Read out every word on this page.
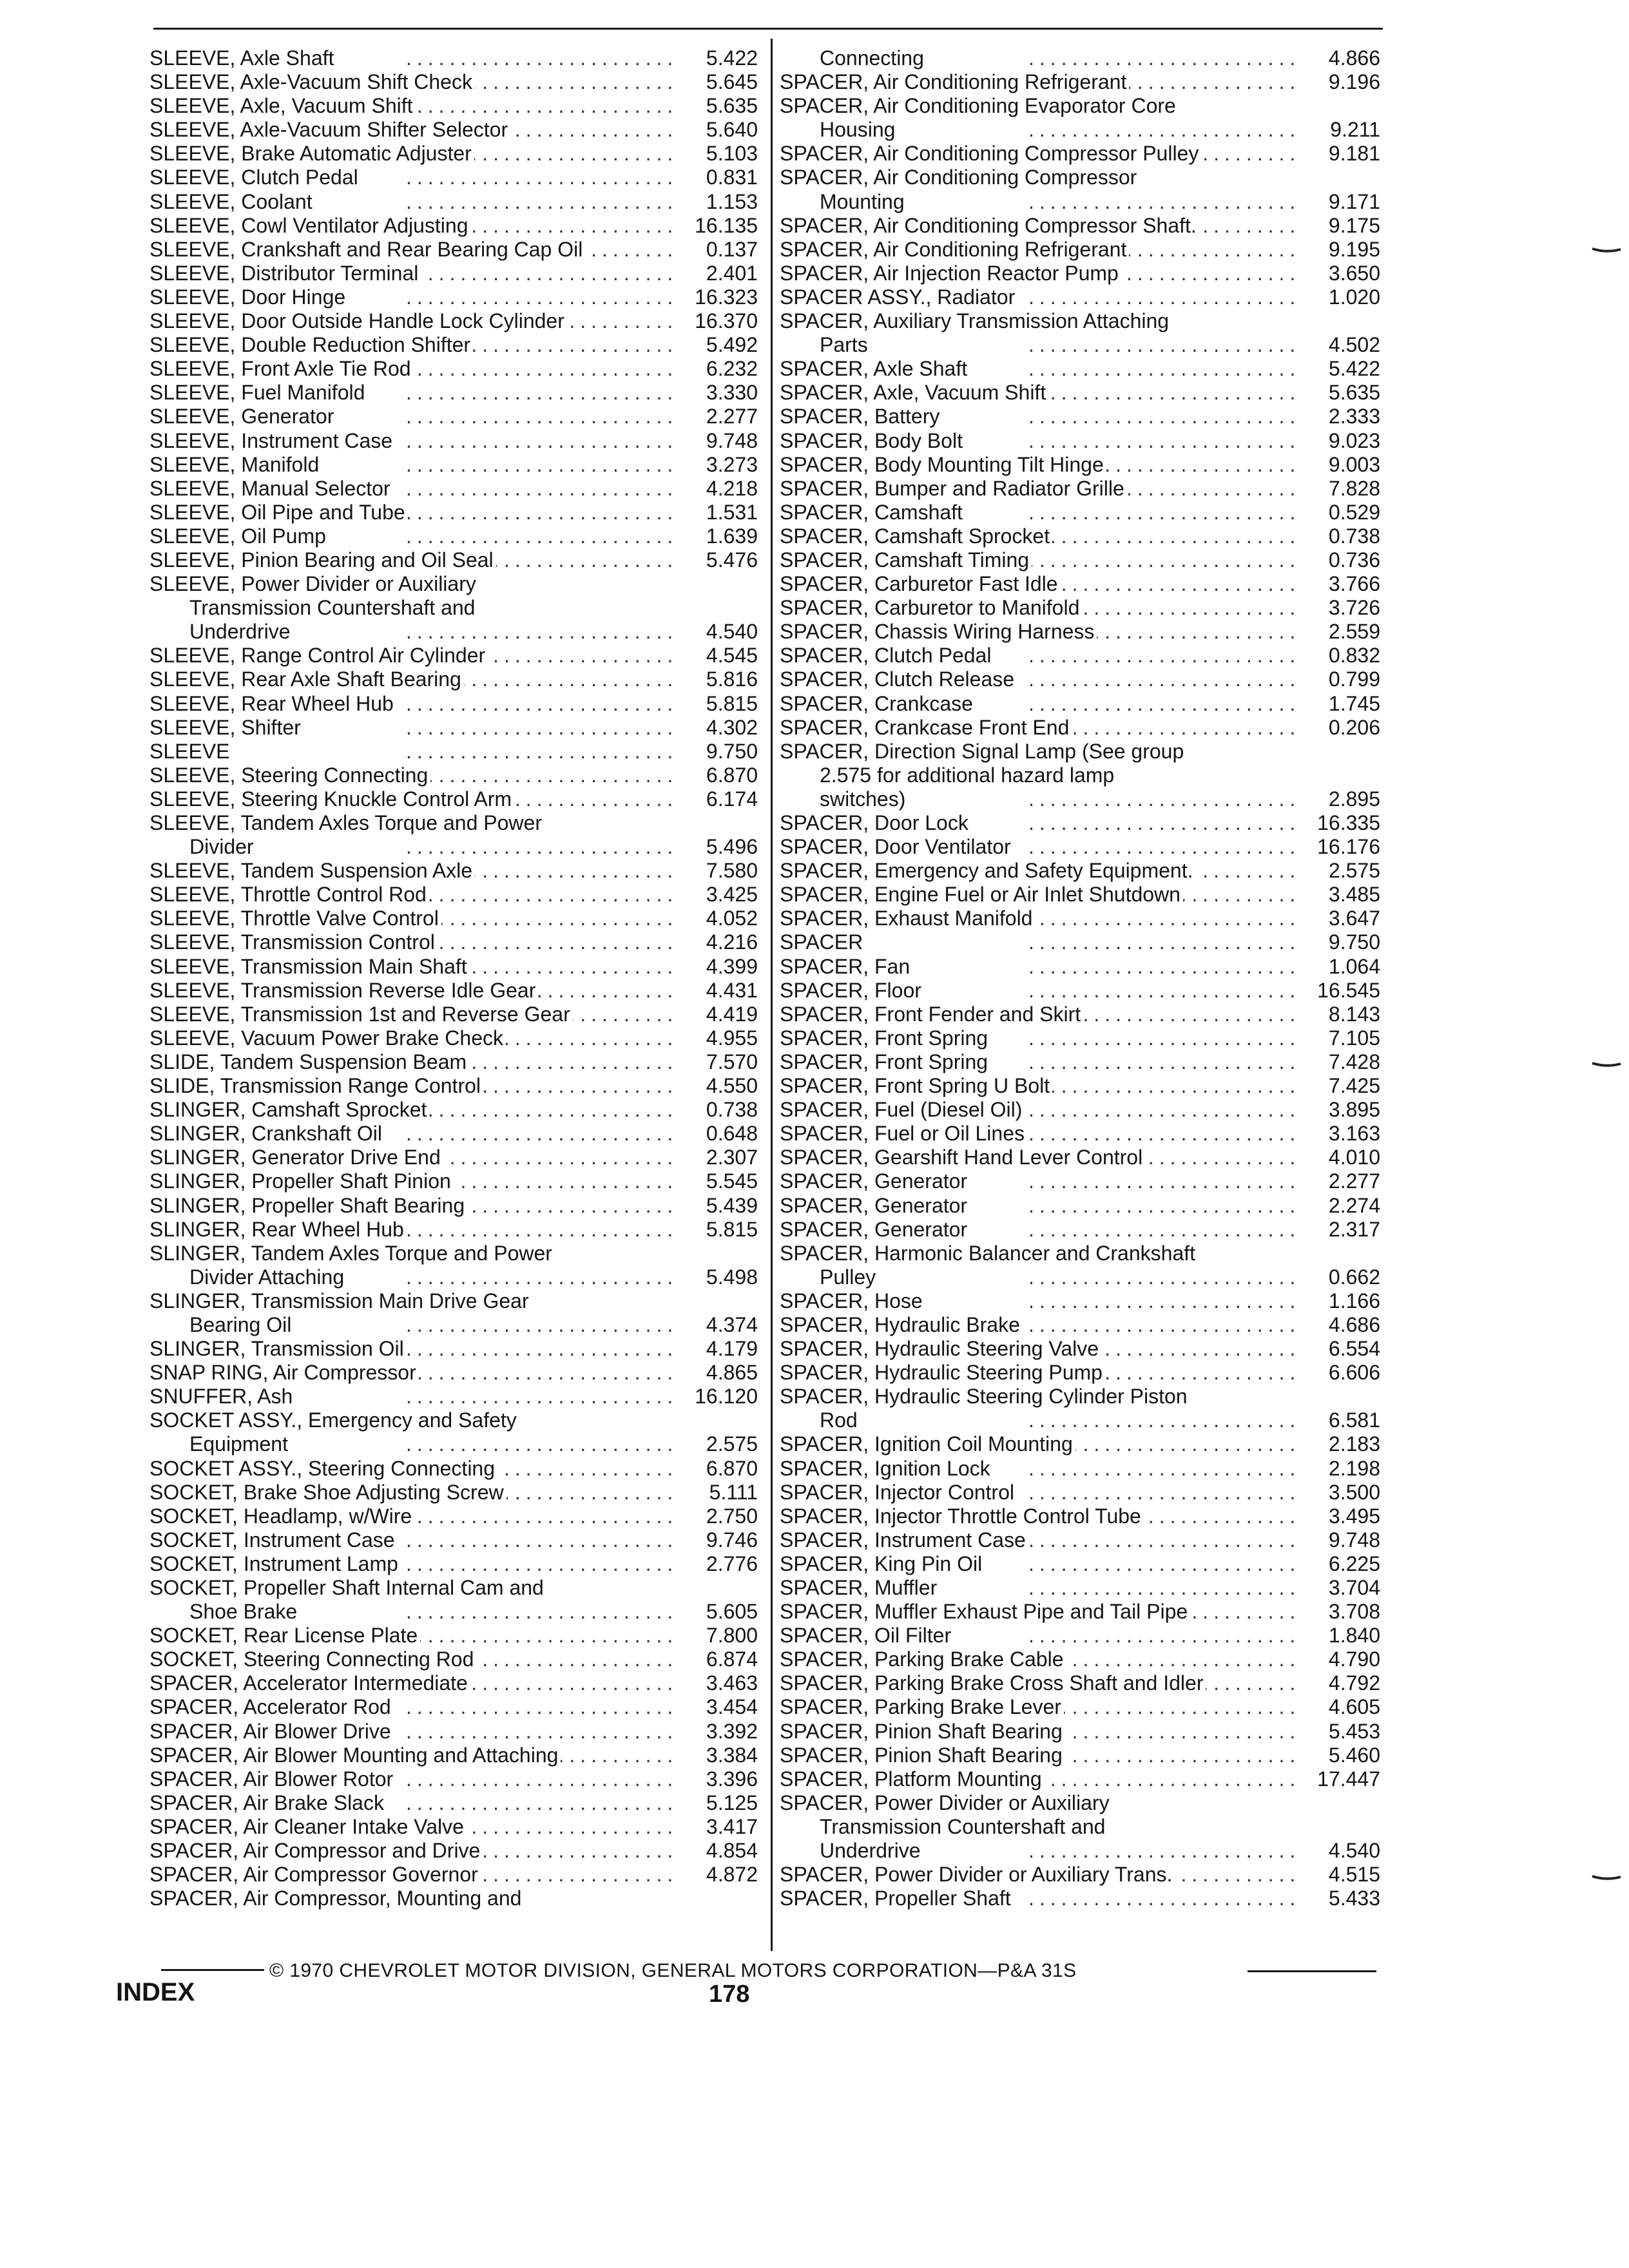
SLEEVE, Axle Shaft .....	5.422
SLEEVE, Axle-Vacuum Shift Check .....	5.645
SLEEVE, Axle, Vacuum Shift .....	5.635
SLEEVE, Axle-Vacuum Shifter Selector .....	5.640
SLEEVE, Brake Automatic Adjuster .....	5.103
SLEEVE, Clutch Pedal .....	0.831
SLEEVE, Coolant .....	1.153
SLEEVE, Cowl Ventilator Adjusting .....	16.135
SLEEVE, Crankshaft and Rear Bearing Cap Oil .....	0.137
SLEEVE, Distributor Terminal .....	2.401
SLEEVE, Door Hinge .....	16.323
SLEEVE, Door Outside Handle Lock Cylinder .....	16.370
SLEEVE, Double Reduction Shifter .....	5.492
SLEEVE, Front Axle Tie Rod .....	6.232
SLEEVE, Fuel Manifold .....	3.330
SLEEVE, Generator .....	2.277
SLEEVE, Instrument Case .....	9.748
SLEEVE, Manifold .....	3.273
SLEEVE, Manual Selector .....	4.218
SLEEVE, Oil Pipe and Tube .....	1.531
SLEEVE, Oil Pump .....	1.639
SLEEVE, Pinion Bearing and Oil Seal .....	5.476
SLEEVE, Power Divider or Auxiliary
Transmission Countershaft and
Underdrive .....	4.540
SLEEVE, Range Control Air Cylinder .....	4.545
SLEEVE, Rear Axle Shaft Bearing .....	5.816
SLEEVE, Rear Wheel Hub .....	5.815
SLEEVE, Shifter .....	4.302
SLEEVE .....	9.750
SLEEVE, Steering Connecting .....	6.870
SLEEVE, Steering Knuckle Control Arm .....	6.174
SLEEVE, Tandem Axles Torque and Power
Divider .....	5.496
SLEEVE, Tandem Suspension Axle .....	7.580
SLEEVE, Throttle Control Rod .....	3.425
SLEEVE, Throttle Valve Control .....	4.052
SLEEVE, Transmission Control .....	4.216
SLEEVE, Transmission Main Shaft .....	4.399
SLEEVE, Transmission Reverse Idle Gear .....	4.431
SLEEVE, Transmission 1st and Reverse Gear .....	4.419
SLEEVE, Vacuum Power Brake Check .....	4.955
SLIDE, Tandem Suspension Beam .....	7.570
SLIDE, Transmission Range Control .....	4.550
SLINGER, Camshaft Sprocket .....	0.738
SLINGER, Crankshaft Oil .....	0.648
SLINGER, Generator Drive End .....	2.307
SLINGER, Propeller Shaft Pinion .....	5.545
SLINGER, Propeller Shaft Bearing .....	5.439
SLINGER, Rear Wheel Hub .....	5.815
SLINGER, Tandem Axles Torque and Power
Divider Attaching .....	5.498
SLINGER, Transmission Main Drive Gear
Bearing Oil .....	4.374
SLINGER, Transmission Oil .....	4.179
SNAP RING, Air Compressor .....	4.865
SNUFFER, Ash .....	16.120
SOCKET ASSY., Emergency and Safety
Equipment .....	2.575
SOCKET ASSY., Steering Connecting .....	6.870
SOCKET, Brake Shoe Adjusting Screw .....	5.111
SOCKET, Headlamp, w/Wire .....	2.750
SOCKET, Instrument Case .....	9.746
SOCKET, Instrument Lamp .....	2.776
SOCKET, Propeller Shaft Internal Cam and
Shoe Brake .....	5.605
SOCKET, Rear License Plate .....	7.800
SOCKET, Steering Connecting Rod .....	6.874
SPACER, Accelerator Intermediate .....	3.463
SPACER, Accelerator Rod .....	3.454
SPACER, Air Blower Drive .....	3.392
SPACER, Air Blower Mounting and Attaching .....	3.384
SPACER, Air Blower Rotor .....	3.396
SPACER, Air Brake Slack .....	5.125
SPACER, Air Cleaner Intake Valve .....	3.417
SPACER, Air Compressor and Drive .....	4.854
SPACER, Air Compressor Governor .....	4.872
SPACER, Air Compressor, Mounting and
Connecting .....	4.866
SPACER, Air Conditioning Refrigerant .....	9.196
SPACER, Air Conditioning Evaporator Core
Housing .....	9.211
SPACER, Air Conditioning Compressor Pulley .....	9.181
SPACER, Air Conditioning Compressor
Mounting .....	9.171
SPACER, Air Conditioning Compressor Shaft. .....	9.175
SPACER, Air Conditioning Refrigerant .....	9.195
SPACER, Air Injection Reactor Pump .....	3.650
SPACER ASSY., Radiator .....	1.020
SPACER, Auxiliary Transmission Attaching
Parts .....	4.502
SPACER, Axle Shaft .....	5.422
SPACER, Axle, Vacuum Shift .....	5.635
SPACER, Battery .....	2.333
SPACER, Body Bolt .....	9.023
SPACER, Body Mounting Tilt Hinge .....	9.003
SPACER, Bumper and Radiator Grille .....	7.828
SPACER, Camshaft .....	0.529
SPACER, Camshaft Sprocket .....	0.738
SPACER, Camshaft Timing .....	0.736
SPACER, Carburetor Fast Idle .....	3.766
SPACER, Carburetor to Manifold .....	3.726
SPACER, Chassis Wiring Harness .....	2.559
SPACER, Clutch Pedal .....	0.832
SPACER, Clutch Release .....	0.799
SPACER, Crankcase .....	1.745
SPACER, Crankcase Front End .....	0.206
SPACER, Direction Signal Lamp (See group
2.575 for additional hazard lamp
switches) .....	2.895
SPACER, Door Lock .....	16.335
SPACER, Door Ventilator .....	16.176
SPACER, Emergency and Safety Equipment. .....	2.575
SPACER, Engine Fuel or Air Inlet Shutdown .....	3.485
SPACER, Exhaust Manifold .....	3.647
SPACER .....	9.750
SPACER, Fan .....	1.064
SPACER, Floor .....	16.545
SPACER, Front Fender and Skirt .....	8.143
SPACER, Front Spring .....	7.105
SPACER, Front Spring .....	7.428
SPACER, Front Spring U Bolt .....	7.425
SPACER, Fuel (Diesel Oil) .....	3.895
SPACER, Fuel or Oil Lines .....	3.163
SPACER, Gearshift Hand Lever Control .....	4.010
SPACER, Generator .....	2.277
SPACER, Generator .....	2.274
SPACER, Generator .....	2.317
SPACER, Harmonic Balancer and Crankshaft
Pulley .....	0.662
SPACER, Hose .....	1.166
SPACER, Hydraulic Brake .....	4.686
SPACER, Hydraulic Steering Valve .....	6.554
SPACER, Hydraulic Steering Pump .....	6.606
SPACER, Hydraulic Steering Cylinder Piston
Rod .....	6.581
SPACER, Ignition Coil Mounting .....	2.183
SPACER, Ignition Lock .....	2.198
SPACER, Injector Control .....	3.500
SPACER, Injector Throttle Control Tube .....	3.495
SPACER, Instrument Case .....	9.748
SPACER, King Pin Oil .....	6.225
SPACER, Muffler .....	3.704
SPACER, Muffler Exhaust Pipe and Tail Pipe .....	3.708
SPACER, Oil Filter .....	1.840
SPACER, Parking Brake Cable .....	4.790
SPACER, Parking Brake Cross Shaft and Idler .....	4.792
SPACER, Parking Brake Lever .....	4.605
SPACER, Pinion Shaft Bearing .....	5.453
SPACER, Pinion Shaft Bearing .....	5.460
SPACER, Platform Mounting .....	17.447
SPACER, Power Divider or Auxiliary
Transmission Countershaft and
Underdrive .....	4.540
SPACER, Power Divider or Auxiliary Trans. .....	4.515
SPACER, Propeller Shaft .....	5.433
INDEX
© 1970 CHEVROLET MOTOR DIVISION, GENERAL MOTORS CORPORATION—P&A 31S
178
